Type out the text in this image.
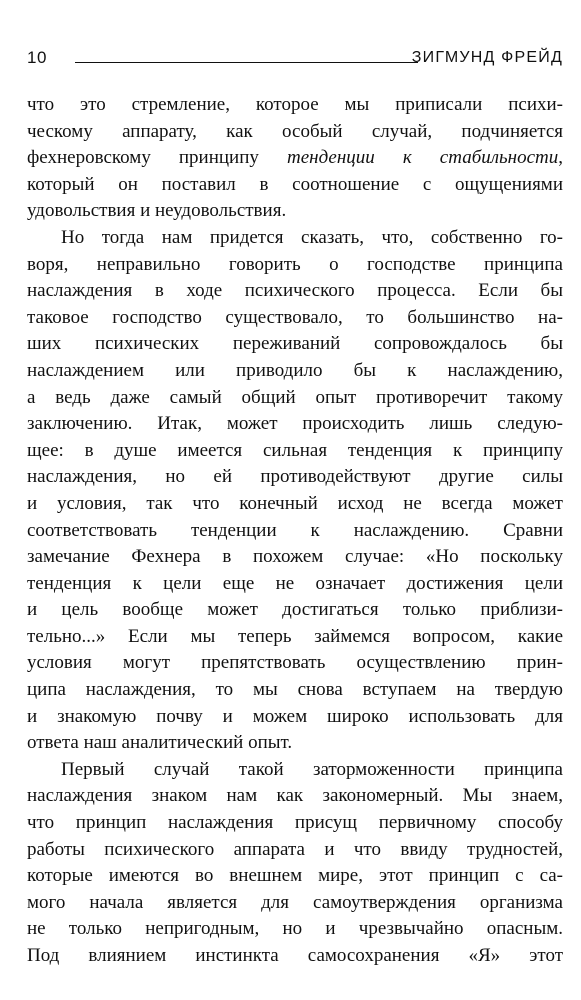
10	ЗИГМУНД ФРЕЙД
что это стремление, которое мы приписали психи-
ческому аппарату, как особый случай, подчиняется
фехнеровскому принципу тенденции к стабильности,
который он поставил в соотношение с ощущениями
удовольствия и неудовольствия.
Но тогда нам придется сказать, что, собственно го-
воря, неправильно говорить о господстве принципа
наслаждения в ходе психического процесса. Если бы
таковое господство существовало, то большинство на-
ших психических переживаний сопровождалось бы
наслаждением или приводило бы к наслаждению,
а ведь даже самый общий опыт противоречит такому
заключению. Итак, может происходить лишь следую-
щее: в душе имеется сильная тенденция к принципу
наслаждения, но ей противодействуют другие силы
и условия, так что конечный исход не всегда может
соответствовать тенденции к наслаждению. Сравни
замечание Фехнера в похожем случае: «Но поскольку
тенденция к цели еще не означает достижения цели
и цель вообще может достигаться только приблизи-
тельно...» Если мы теперь займемся вопросом, какие
условия могут препятствовать осуществлению прин-
ципа наслаждения, то мы снова вступаем на твердую
и знакомую почву и можем широко использовать для
ответа наш аналитический опыт.
Первый случай такой заторможенности принципа
наслаждения знаком нам как закономерный. Мы знаем,
что принцип наслаждения присущ первичному способу
работы психического аппарата и что ввиду трудностей,
которые имеются во внешнем мире, этот принцип с са-
мого начала является для самоутверждения организма
не только непригодным, но и чрезвычайно опасным.
Под влиянием инстинкта самосохранения «Я» этот
